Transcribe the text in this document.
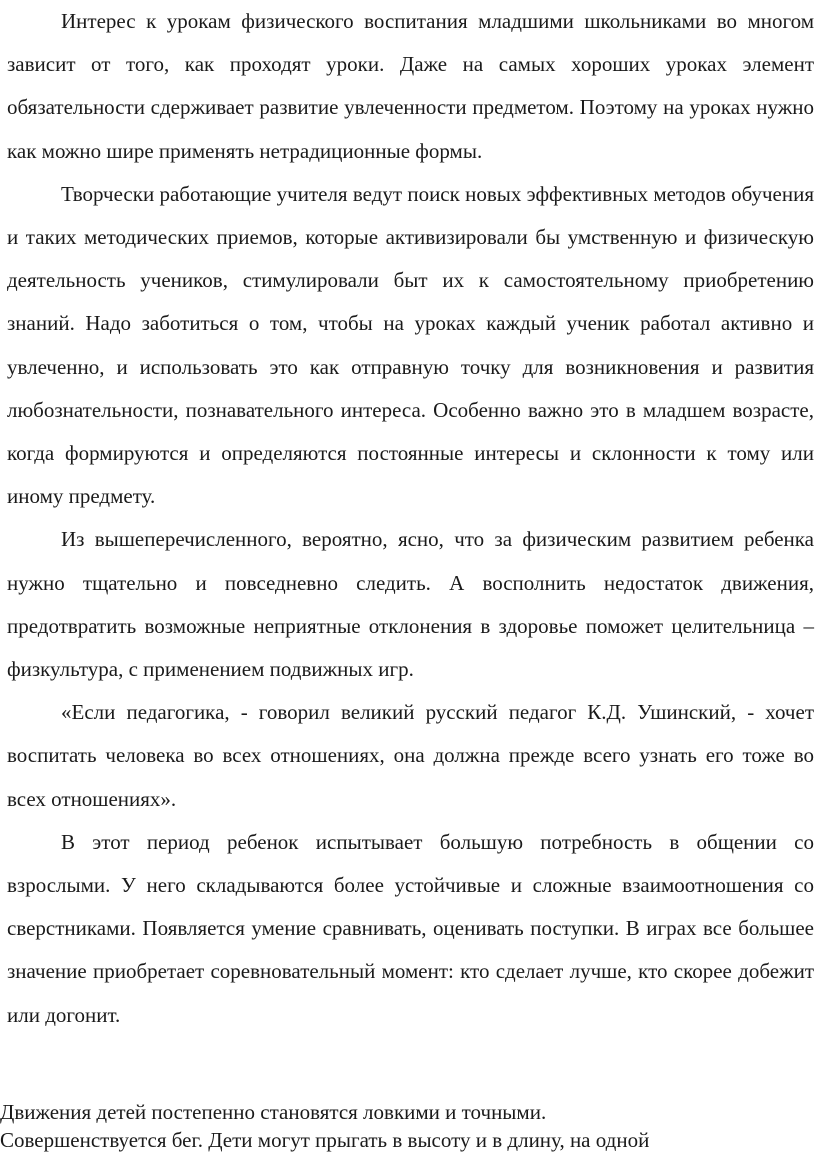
Интерес к урокам физического воспитания младшими школьниками во многом зависит от того, как проходят уроки. Даже на самых хороших уроках элемент обязательности сдерживает развитие увлеченности предметом. Поэтому на уроках нужно как можно шире применять нетрадиционные формы.

Творчески работающие учителя ведут поиск новых эффективных методов обучения и таких методических приемов, которые активизировали бы умственную и физическую деятельность учеников, стимулировали быт их к самостоятельному приобретению знаний. Надо заботиться о том, чтобы на уроках каждый ученик работал активно и увлеченно, и использовать это как отправную точку для возникновения и развития любознательности, познавательного интереса. Особенно важно это в младшем возрасте, когда формируются и определяются постоянные интересы и склонности к тому или иному предмету.

Из вышеперечисленного, вероятно, ясно, что за физическим развитием ребенка нужно тщательно и повседневно следить. А восполнить недостаток движения, предотвратить возможные неприятные отклонения в здоровье поможет целительница – физкультура, с применением подвижных игр.

«Если педагогика, - говорил великий русский педагог К.Д. Ушинский, - хочет воспитать человека во всех отношениях, она должна прежде всего узнать его тоже во всех отношениях».

В этот период ребенок испытывает большую потребность в общении со взрослыми. У него складываются более устойчивые и сложные взаимоотношения со сверстниками. Появляется умение сравнивать, оценивать поступки. В играх все большее значение приобретает соревновательный момент: кто сделает лучше, кто скорее добежит или догонит.

Движения детей постепенно становятся ловкими и точными.

Совершенствуется бег. Дети могут прыгать в высоту и в длину, на одной
